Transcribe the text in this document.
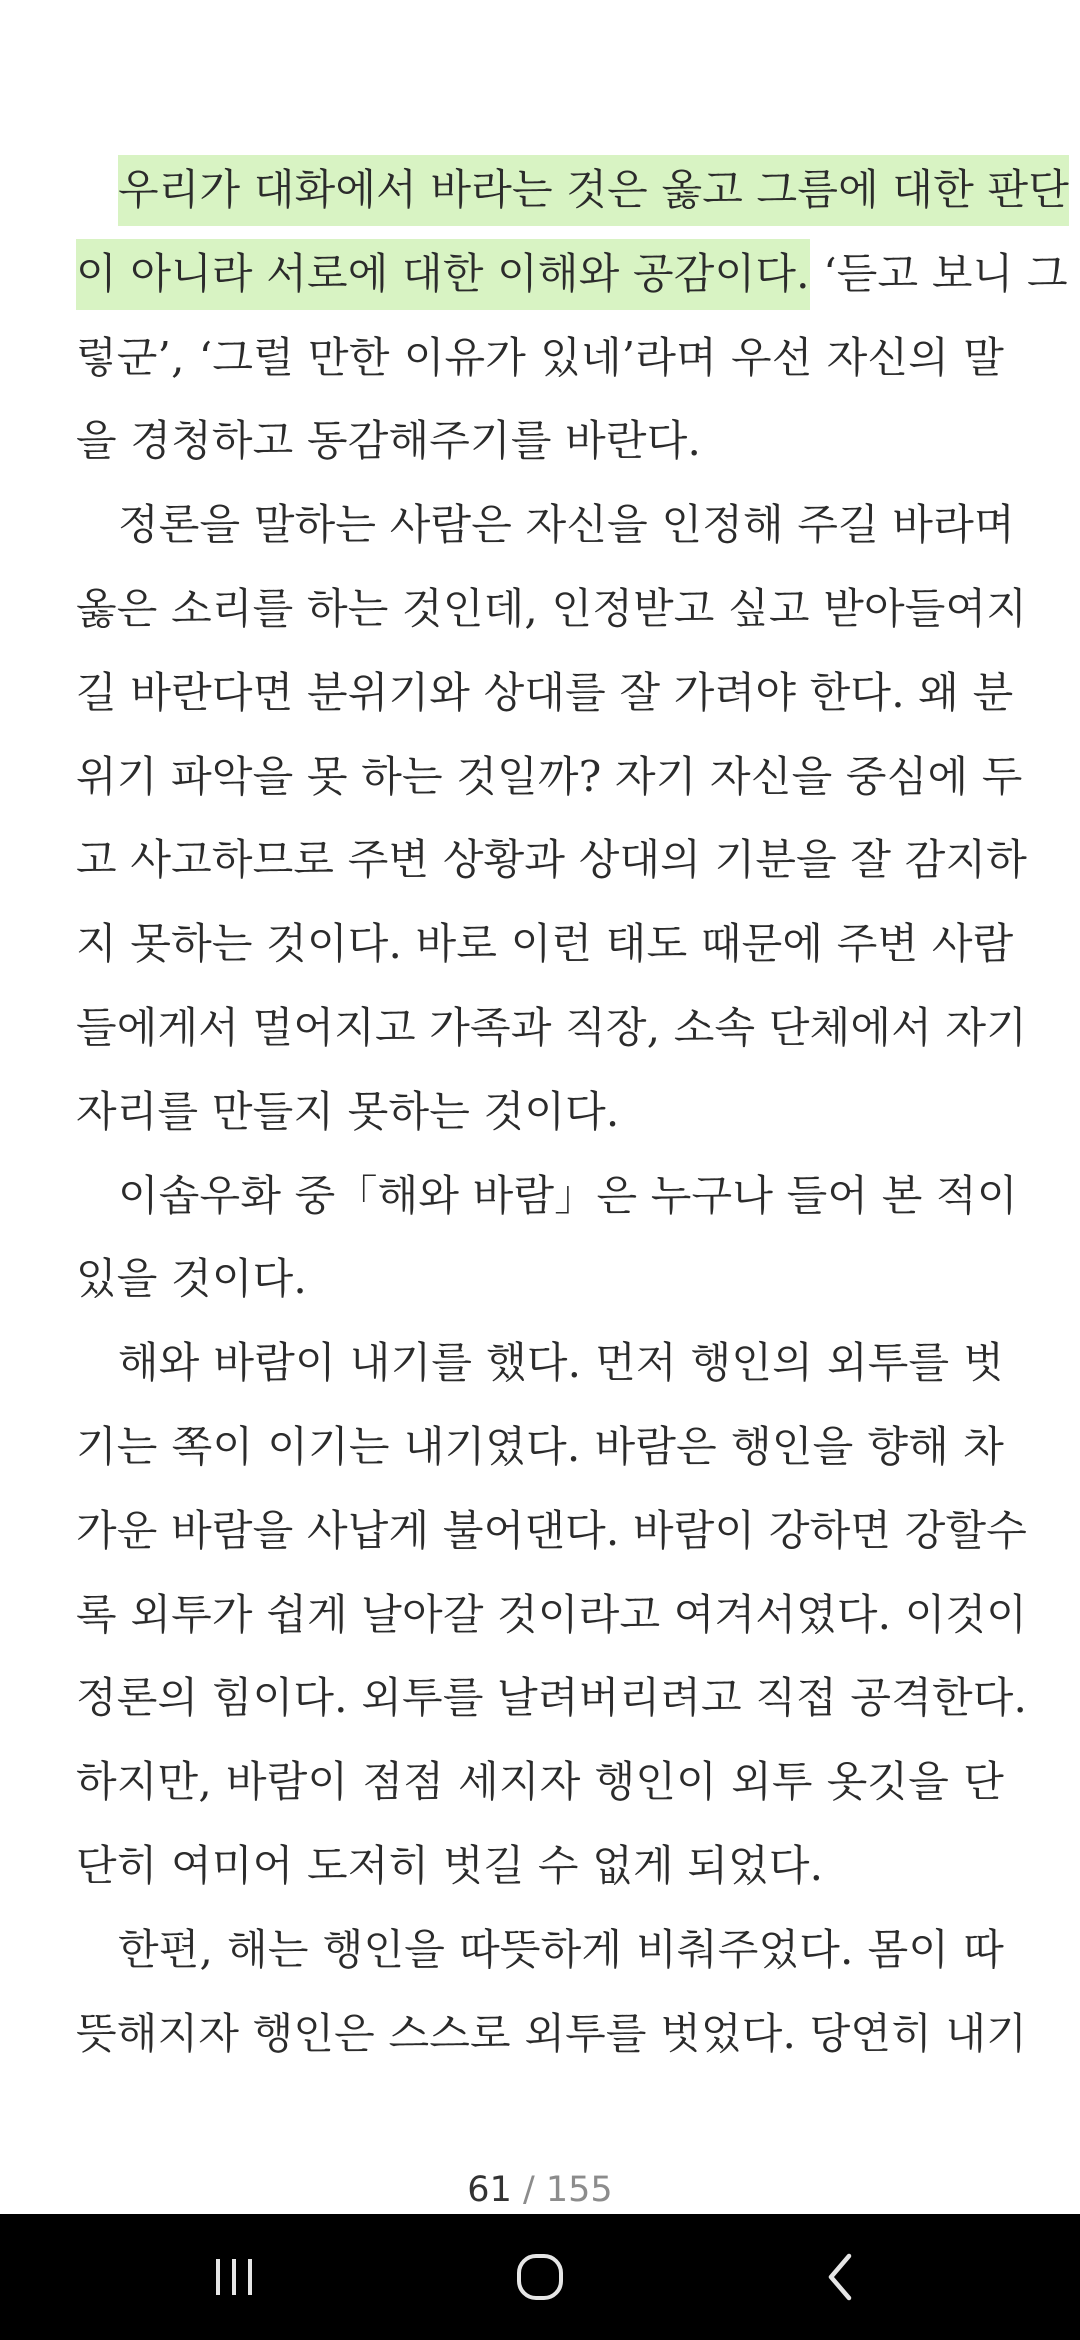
우리가 대화에서 바라는 것은 옳고 그름에 대한 판단
이 아니라 서로에 대한 이해와 공감이다. ‘듣고 보니 그
렇군’, ‘그럴 만한 이유가 있네’라며 우선 자신의 말
을 경청하고 동감해주기를 바란다.
정론을 말하는 사람은 자신을 인정해 주길 바라며
옳은 소리를 하는 것인데, 인정받고 싶고 받아들여지
길 바란다면 분위기와 상대를 잘 가려야 한다. 왜 분
위기 파악을 못 하는 것일까? 자기 자신을 중심에 두
고 사고하므로 주변 상황과 상대의 기분을 잘 감지하
지 못하는 것이다. 바로 이런 태도 때문에 주변 사람
들에게서 멀어지고 가족과 직장, 소속 단체에서 자기
자리를 만들지 못하는 것이다.
이솝우화 중「해와 바람」은 누구나 들어 본 적이
있을 것이다.
해와 바람이 내기를 했다. 먼저 행인의 외투를 벗
기는 쪽이 이기는 내기였다. 바람은 행인을 향해 차
가운 바람을 사납게 불어댄다. 바람이 강하면 강할수
록 외투가 쉽게 날아갈 것이라고 여겨서였다. 이것이
정론의 힘이다. 외투를 날려버리려고 직접 공격한다.
하지만, 바람이 점점 세지자 행인이 외투 옷깃을 단
단히 여미어 도저히 벗길 수 없게 되었다.
한편, 해는 행인을 따뜻하게 비춰주었다. 몸이 따
뜻해지자 행인은 스스로 외투를 벗었다. 당연히 내기
61 / 155
